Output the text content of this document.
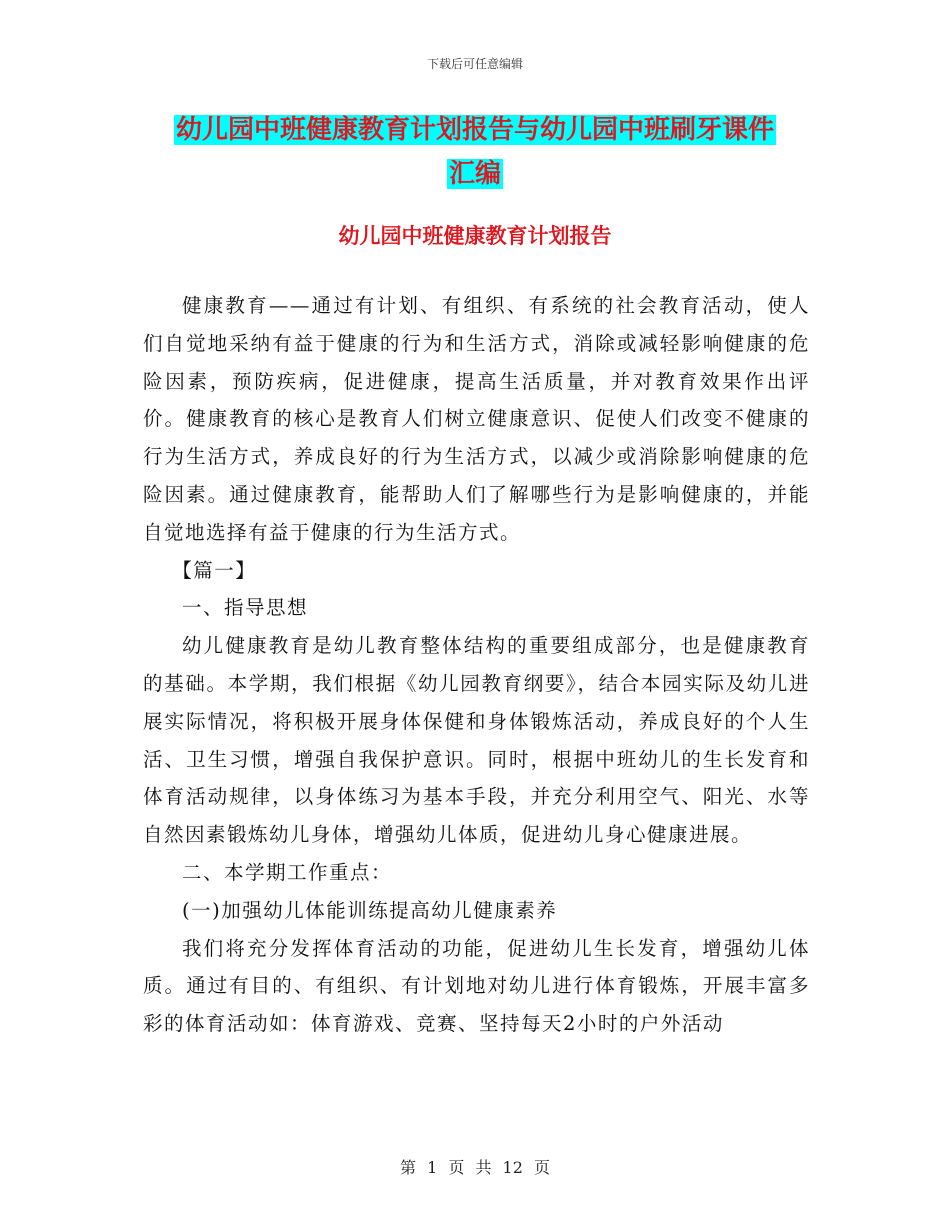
下载后可任意编辑
幼儿园中班健康教育计划报告与幼儿园中班刷牙课件
汇编
幼儿园中班健康教育计划报告

健康教育——通过有计划、有组织、有系统的社会教育活动，使人们自觉地采纳有益于健康的行为和生活方式，消除或减轻影响健康的危险因素，预防疾病，促进健康，提高生活质量，并对教育效果作出评价。健康教育的核心是教育人们树立健康意识、促使人们改变不健康的行为生活方式，养成良好的行为生活方式，以减少或消除影响健康的危险因素。通过健康教育，能帮助人们了解哪些行为是影响健康的，并能自觉地选择有益于健康的行为生活方式。

【篇一】

一、指导思想

幼儿健康教育是幼儿教育整体结构的重要组成部分，也是健康教育的基础。本学期，我们根据《幼儿园教育纲要》，结合本园实际及幼儿进展实际情况，将积极开展身体保健和身体锻炼活动，养成良好的个人生活、卫生习惯，增强自我保护意识。同时，根据中班幼儿的生长发育和体育活动规律，以身体练习为基本手段，并充分利用空气、阳光、水等自然因素锻炼幼儿身体，增强幼儿体质，促进幼儿身心健康进展。

二、本学期工作重点：

(一)加强幼儿体能训练提高幼儿健康素养

我们将充分发挥体育活动的功能，促进幼儿生长发育，增强幼儿体质。通过有目的、有组织、有计划地对幼儿进行体育锻炼，开展丰富多彩的体育活动如：体育游戏、竞赛、坚持每天2小时的户外活动

第 1 页 共 12 页
